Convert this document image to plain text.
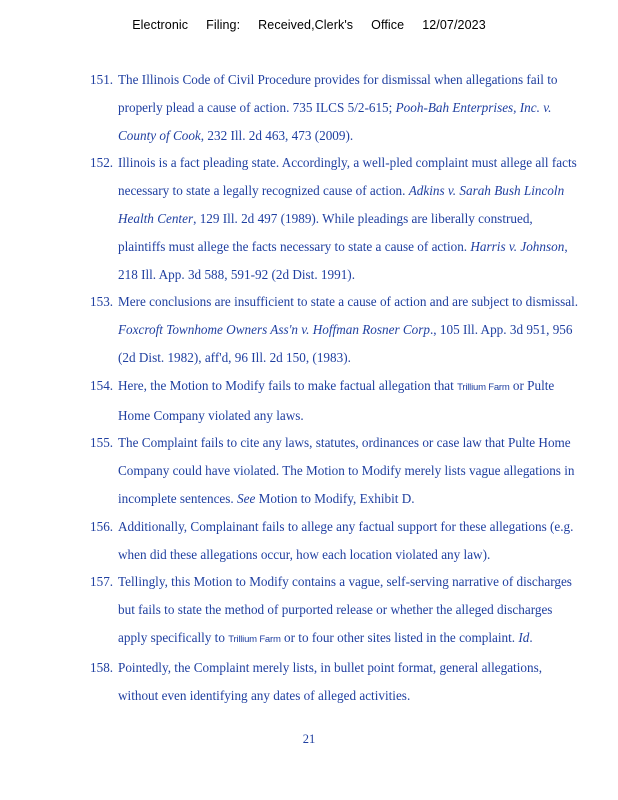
Electronic Filing: Received,Clerk's Office 12/07/2023
151. The Illinois Code of Civil Procedure provides for dismissal when allegations fail to properly plead a cause of action. 735 ILCS 5/2-615; Pooh-Bah Enterprises, Inc. v. County of Cook, 232 Ill. 2d 463, 473 (2009).
152. Illinois is a fact pleading state. Accordingly, a well-pled complaint must allege all facts necessary to state a legally recognized cause of action. Adkins v. Sarah Bush Lincoln Health Center, 129 Ill. 2d 497 (1989). While pleadings are liberally construed, plaintiffs must allege the facts necessary to state a cause of action. Harris v. Johnson, 218 Ill. App. 3d 588, 591-92 (2d Dist. 1991).
153. Mere conclusions are insufficient to state a cause of action and are subject to dismissal. Foxcroft Townhome Owners Ass'n v. Hoffman Rosner Corp., 105 Ill. App. 3d 951, 956 (2d Dist. 1982), aff'd, 96 Ill. 2d 150, (1983).
154. Here, the Motion to Modify fails to make factual allegation that Trillium Farm or Pulte Home Company violated any laws.
155. The Complaint fails to cite any laws, statutes, ordinances or case law that Pulte Home Company could have violated. The Motion to Modify merely lists vague allegations in incomplete sentences. See Motion to Modify, Exhibit D.
156. Additionally, Complainant fails to allege any factual support for these allegations (e.g. when did these allegations occur, how each location violated any law).
157. Tellingly, this Motion to Modify contains a vague, self-serving narrative of discharges but fails to state the method of purported release or whether the alleged discharges apply specifically to Trillium Farm or to four other sites listed in the complaint. Id.
158. Pointedly, the Complaint merely lists, in bullet point format, general allegations, without even identifying any dates of alleged activities.
21
